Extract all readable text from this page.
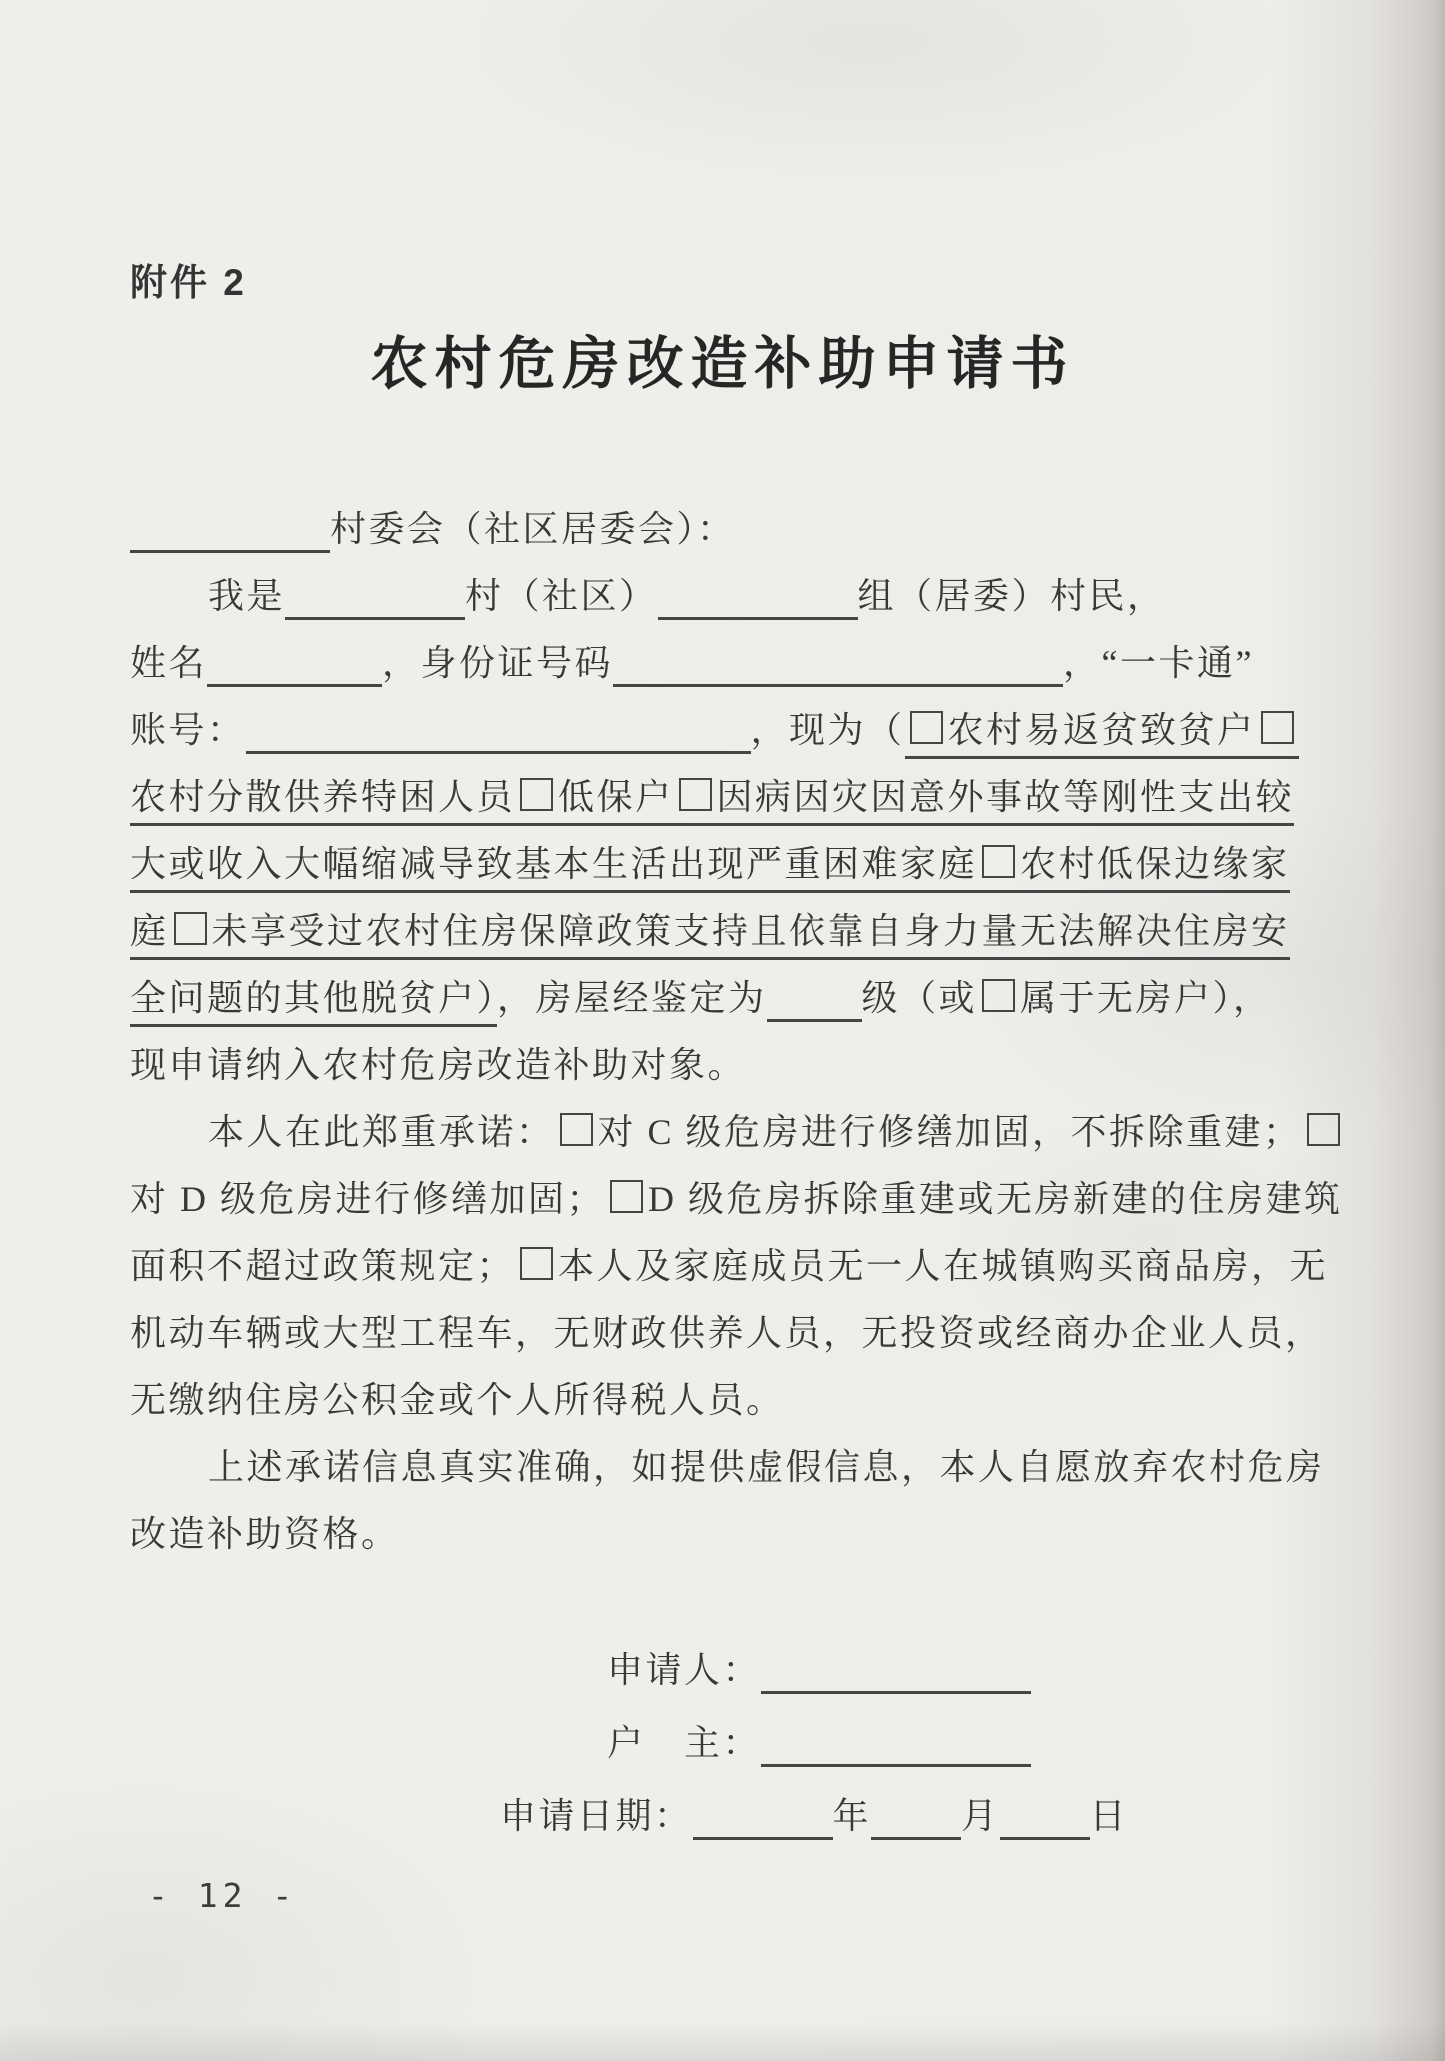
附件 2
农村危房改造补助申请书
村委会（社区居委会）：
我是	村（社区）	组（居委）村民，
姓名	，身份证号码	，“一卡通”
账号：	，现为（ 农村易返贫致贫户
农村分散供养特困人员 低保户 因病因灾因意外事故等刚性支出较
大或收入大幅缩减导致基本生活出现严重困难家庭 农村低保边缘家
庭 未享受过农村住房保障政策支持且依靠自身力量无法解决住房安
全问题的其他脱贫户），房屋经鉴定为	级（或 属于无房户），
现申请纳入农村危房改造补助对象。
本人在此郑重承诺： 对 C 级危房进行修缮加固，不拆除重建；
对 D 级危房进行修缮加固； D 级危房拆除重建或无房新建的住房建筑
面积不超过政策规定； 本人及家庭成员无一人在城镇购买商品房，无
机动车辆或大型工程车，无财政供养人员，无投资或经商办企业人员，
无缴纳住房公积金或个人所得税人员。
上述承诺信息真实准确，如提供虚假信息，本人自愿放弃农村危房
改造补助资格。
申请人：
户　主：
申请日期：	年	月	日
- 12 -
